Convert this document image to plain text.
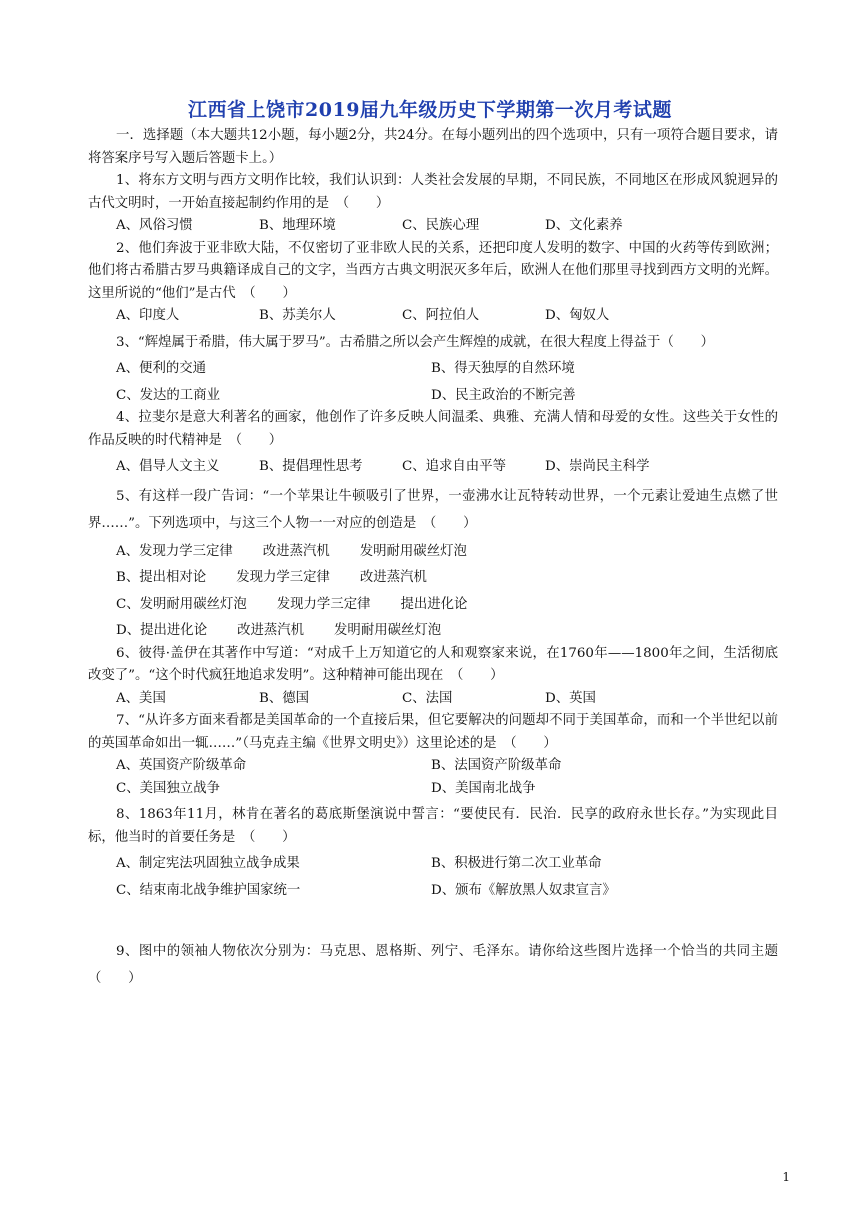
江西省上饶市2019届九年级历史下学期第一次月考试题

一．选择题（本大题共12小题，每小题2分，共24分。在每小题列出的四个选项中，只有一项符合题目要求，请将答案序号写入题后答题卡上。）

1、将东方文明与西方文明作比较，我们认识到：人类社会发展的早期，不同民族，不同地区在形成风貌迥异的古代文明时，一开始直接起制约作用的是　（　　）

A、风俗习惯	B、地理环境	C、民族心理	D、文化素养

2、他们奔波于亚非欧大陆，不仅密切了亚非欧人民的关系，还把印度人发明的数字、中国的火药等传到欧洲；他们将古希腊古罗马典籍译成自己的文字，当西方古典文明泯灭多年后，欧洲人在他们那里寻找到西方文明的光辉。这里所说的“他们”是古代　（　　）

A、印度人	B、苏美尔人	C、阿拉伯人	D、匈奴人

3、“辉煌属于希腊，伟大属于罗马”。古希腊之所以会产生辉煌的成就，在很大程度上得益于（　　）

A、便利的交通	B、得天独厚的自然环境
C、发达的工商业	D、民主政治的不断完善

4、拉斐尔是意大利著名的画家，他创作了许多反映人间温柔、典雅、充满人情和母爱的女性。这些关于女性的作品反映的时代精神是　（　　）

A、倡导人文主义	B、提倡理性思考	C、追求自由平等	D、崇尚民主科学

5、有这样一段广告词：“一个苹果让牛顿吸引了世界，一壶沸水让瓦特转动世界，一个元素让爱迪生点燃了世界……”。下列选项中，与这三个人物一一对应的创造是　（　　）

A、发现力学三定律 改进蒸汽机 发明耐用碳丝灯泡
B、提出相对论 发现力学三定律 改进蒸汽机
C、发明耐用碳丝灯泡 发现力学三定律 提出进化论
D、提出进化论 改进蒸汽机 发明耐用碳丝灯泡

6、彼得·盖伊在其著作中写道：“对成千上万知道它的人和观察家来说，在1760年——1800年之间，生活彻底改变了”。“这个时代疯狂地追求发明”。这种精神可能出现在　（　　）

A、美国	B、德国	C、法国	D、英国

7、“从许多方面来看都是美国革命的一个直接后果，但它要解决的问题却不同于美国革命，而和一个半世纪以前的英国革命如出一辄……”（马克垚主编《世界文明史》）这里论述的是　（　　）

A、英国资产阶级革命	B、法国资产阶级革命
C、美国独立战争	D、美国南北战争

8、1863年11月，林肯在著名的葛底斯堡演说中誓言：“要使民有．民治．民享的政府永世长存。”为实现此目标，他当时的首要任务是　（　　）

A、制定宪法巩固独立战争成果	B、积极进行第二次工业革命
C、结束南北战争维护国家统一	D、颁布《解放黑人奴隶宣言》

9、图中的领袖人物依次分别为：马克思、恩格斯、列宁、毛泽东。请你给这些图片选择一个恰当的共同主题　（　　）

1
